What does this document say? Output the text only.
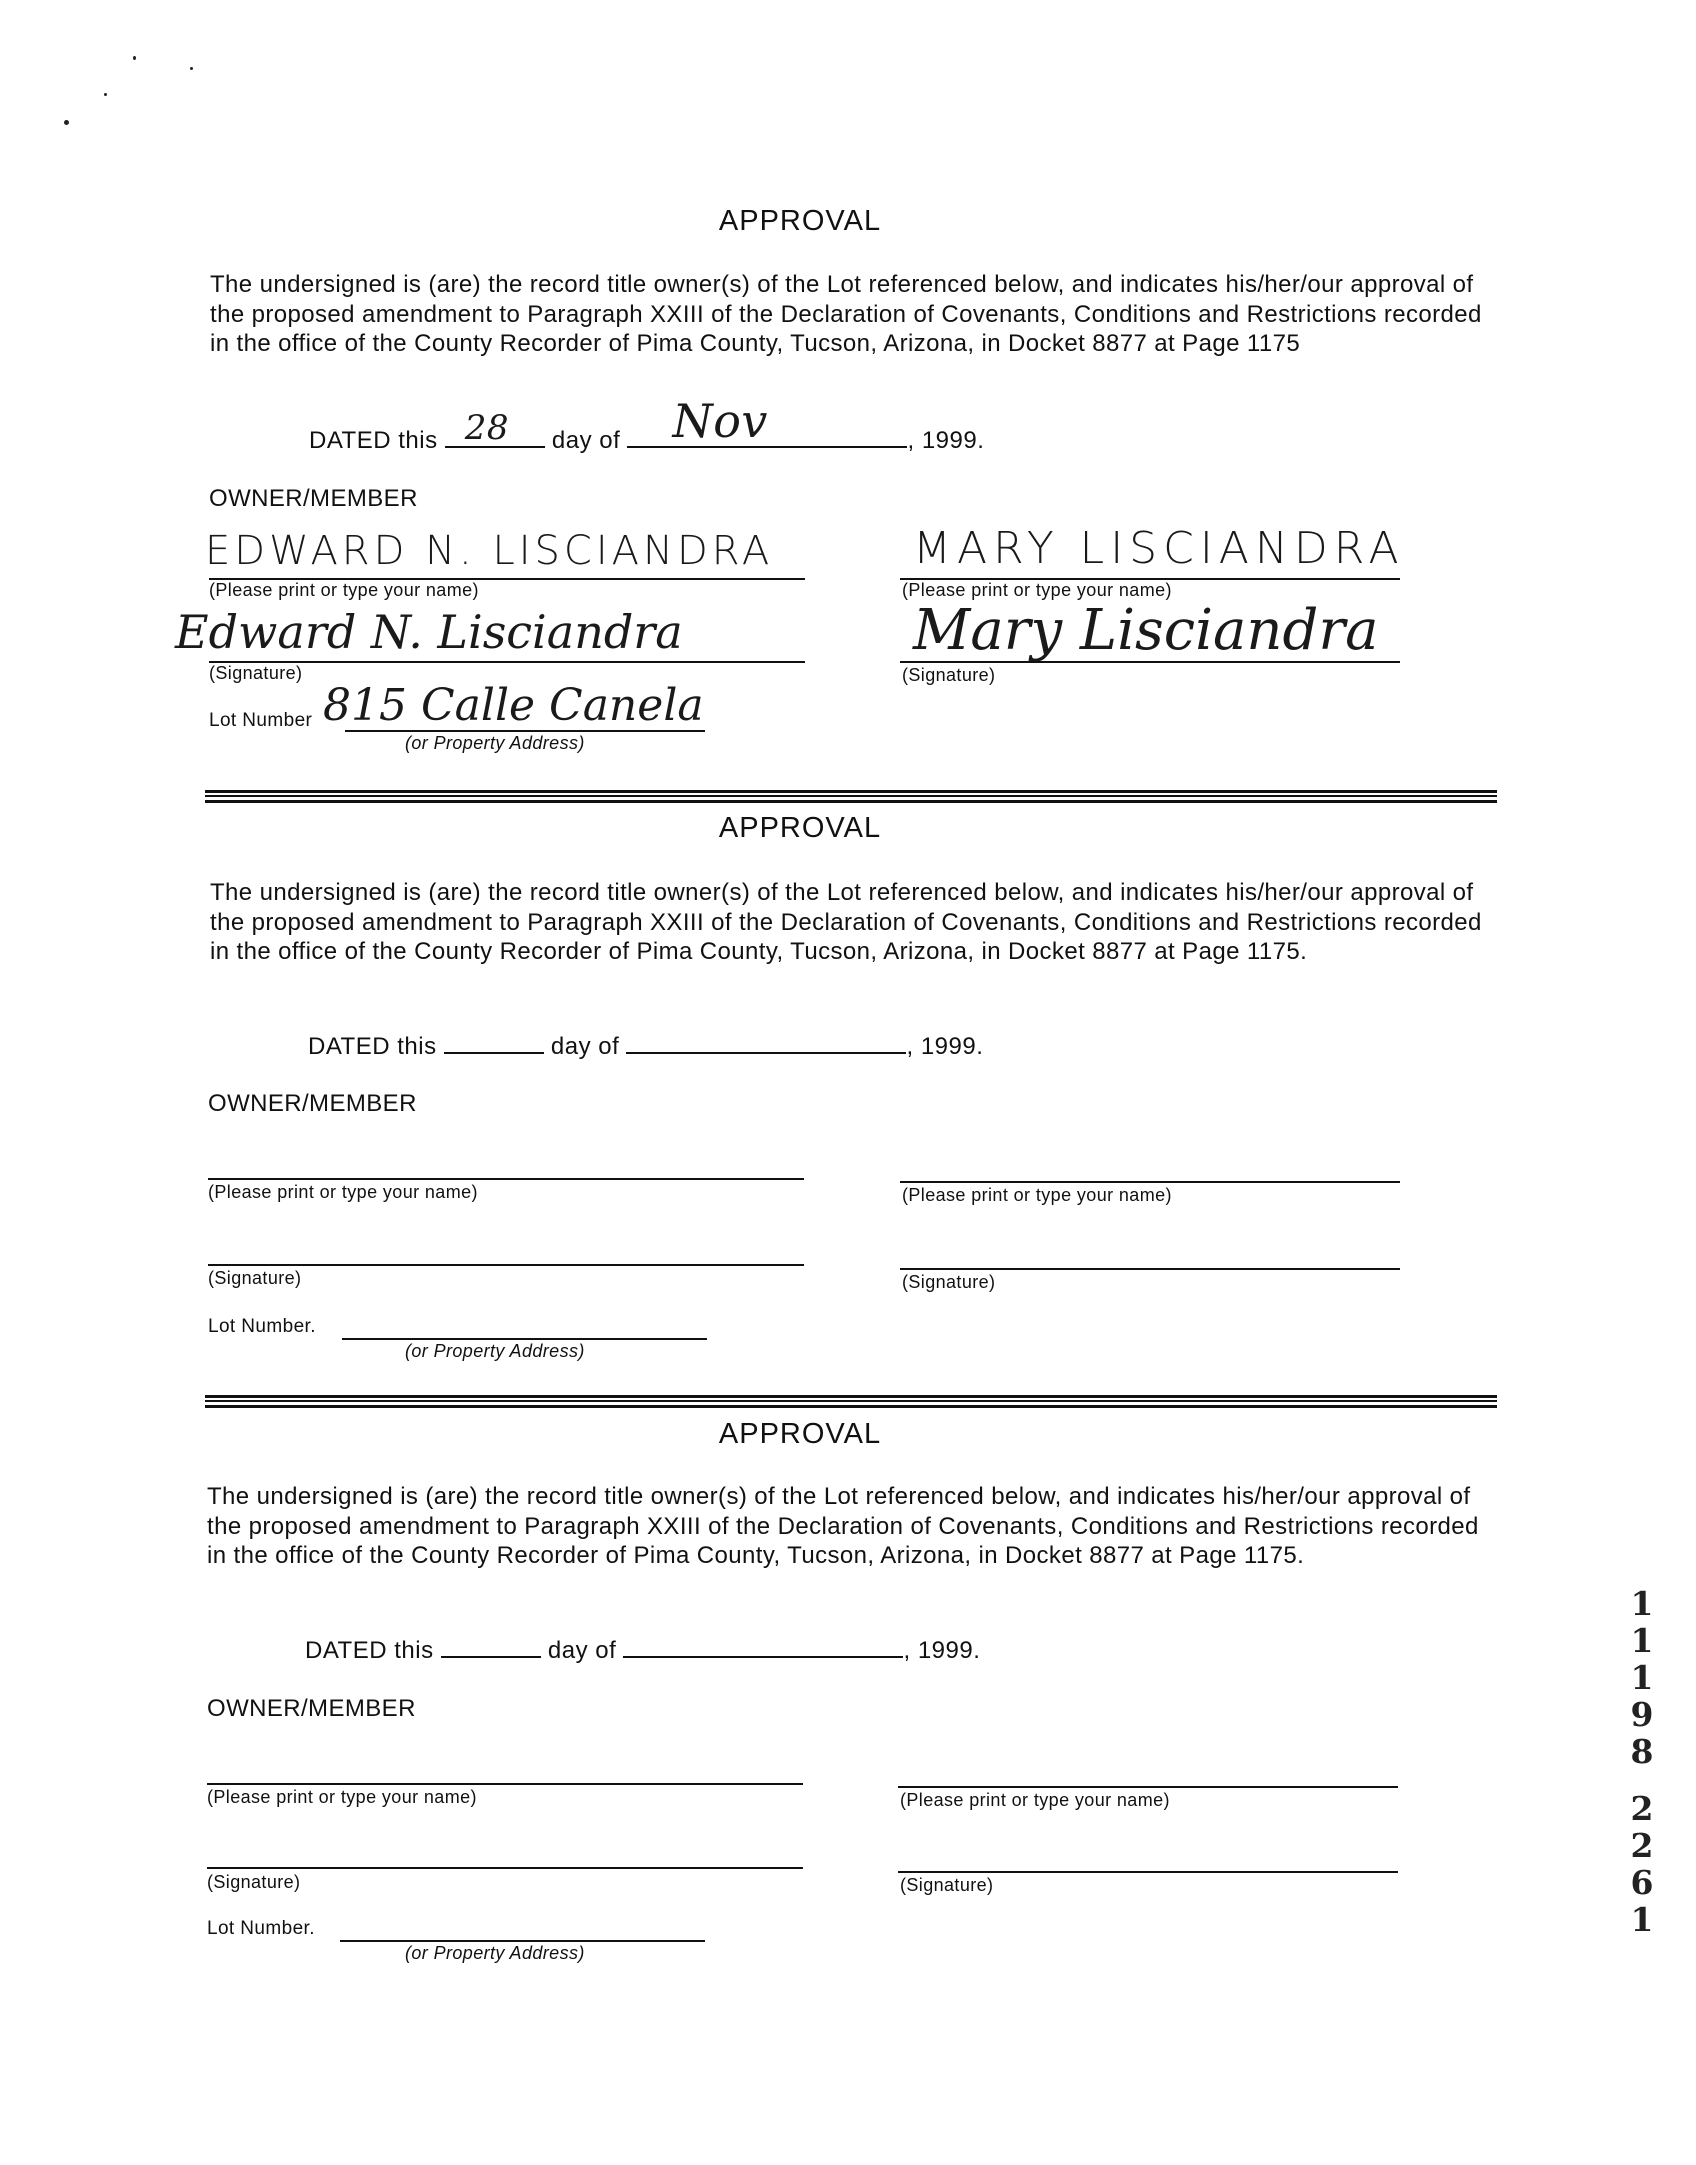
APPROVAL
The undersigned is (are) the record title owner(s) of the Lot referenced below, and indicates his/her/our approval of the proposed amendment to Paragraph XXIII of the Declaration of Covenants, Conditions and Restrictions recorded in the office of the County Recorder of Pima County, Tucson, Arizona, in Docket 8877 at Page 1175
DATED this 28 day of Nov	, 1999.
OWNER/MEMBER
EDWARD N. LISCIANDRA
(Please print or type your name)
Edward N. Lisciandra
(Signature)
MARY LISCIANDRA
(Please print or type your name)
Mary Lisciandra
(Signature)
Lot Number 815 Calle Canela
(or Property Address)
APPROVAL
The undersigned is (are) the record title owner(s) of the Lot referenced below, and indicates his/her/our approval of the proposed amendment to Paragraph XXIII of the Declaration of Covenants, Conditions and Restrictions recorded in the office of the County Recorder of Pima County, Tucson, Arizona, in Docket 8877 at Page 1175.
DATED this	day of	, 1999.
OWNER/MEMBER
(Please print or type your name)
(Signature)
(Please print or type your name)
(Signature)
Lot Number.
(or Property Address)
APPROVAL
The undersigned is (are) the record title owner(s) of the Lot referenced below, and indicates his/her/our approval of the proposed amendment to Paragraph XXIII of the Declaration of Covenants, Conditions and Restrictions recorded in the office of the County Recorder of Pima County, Tucson, Arizona, in Docket 8877 at Page 1175.
DATED this	day of	, 1999.
OWNER/MEMBER
(Please print or type your name)
(Signature)
(Please print or type your name)
(Signature)
Lot Number.
(or Property Address)
1
1
1
9
8
2
2
6
1
